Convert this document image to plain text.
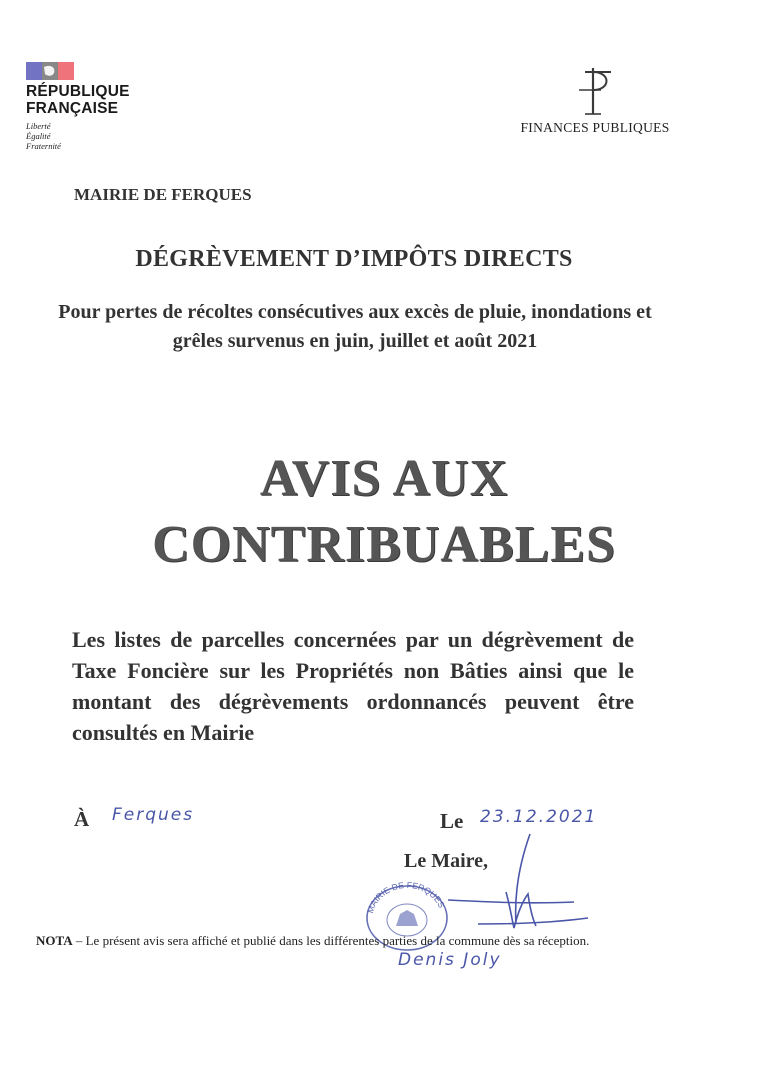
RÉPUBLIQUE
FRANÇAISE
Liberté
Égalité
Fraternité
FINANCES PUBLIQUES
MAIRIE DE FERQUES
DÉGRÈVEMENT D’IMPÔTS DIRECTS
Pour pertes de récoltes consécutives aux excès de pluie, inondations et grêles survenus en juin, juillet et août 2021
AVIS AUX
CONTRIBUABLES
Les listes de parcelles concernées par un dégrèvement de Taxe Foncière sur les Propriétés non Bâties ainsi que le montant des dégrèvements ordonnancés peuvent être consultés en Mairie
À Ferques	Le 23.12.2021
Le Maire,
MAIRIE DE FERQUES
NOTA – Le présent avis sera affiché et publié dans les différentes parties de la commune dès sa réception.
Denis Joly
